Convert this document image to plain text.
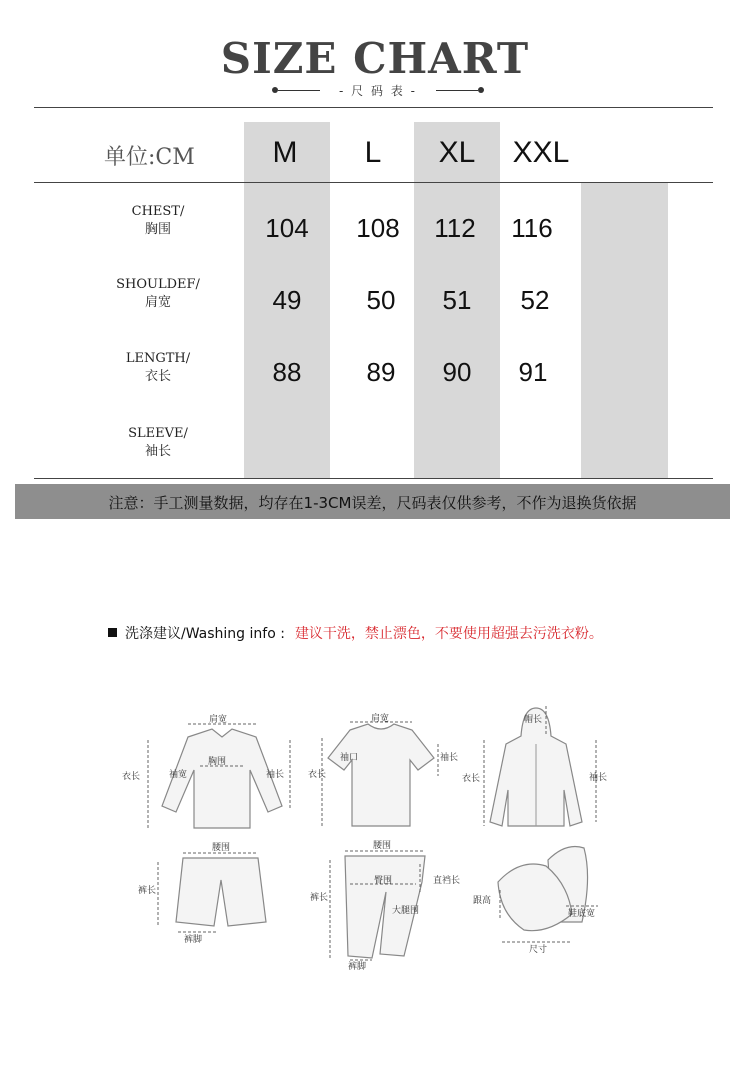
SIZE CHART
- 尺 码 表 -
单位:CM	M	L	XL	XXL
CHEST/
胸围	104	108	112	116
SHOULDEF/
肩宽	49	50	51	52
LENGTH/
衣长	88	89	90	91
SLEEVE/
袖长
注意：手工测量数据，均存在1-3CM误差，尺码表仅供参考，不作为退换货依据
洗涤建议/Washing info : 建议干洗，禁止漂色，不要使用超强去污洗衣粉。
肩宽
胸围
衣长	袖长
袖宽
肩宽
袖口
衣长
袖长
帽长
衣长	袖长
腰围
裤长
裤脚
腰围
臀围
裤长
直裆长
大腿围
裤脚
跟高
鞋底宽
尺寸
